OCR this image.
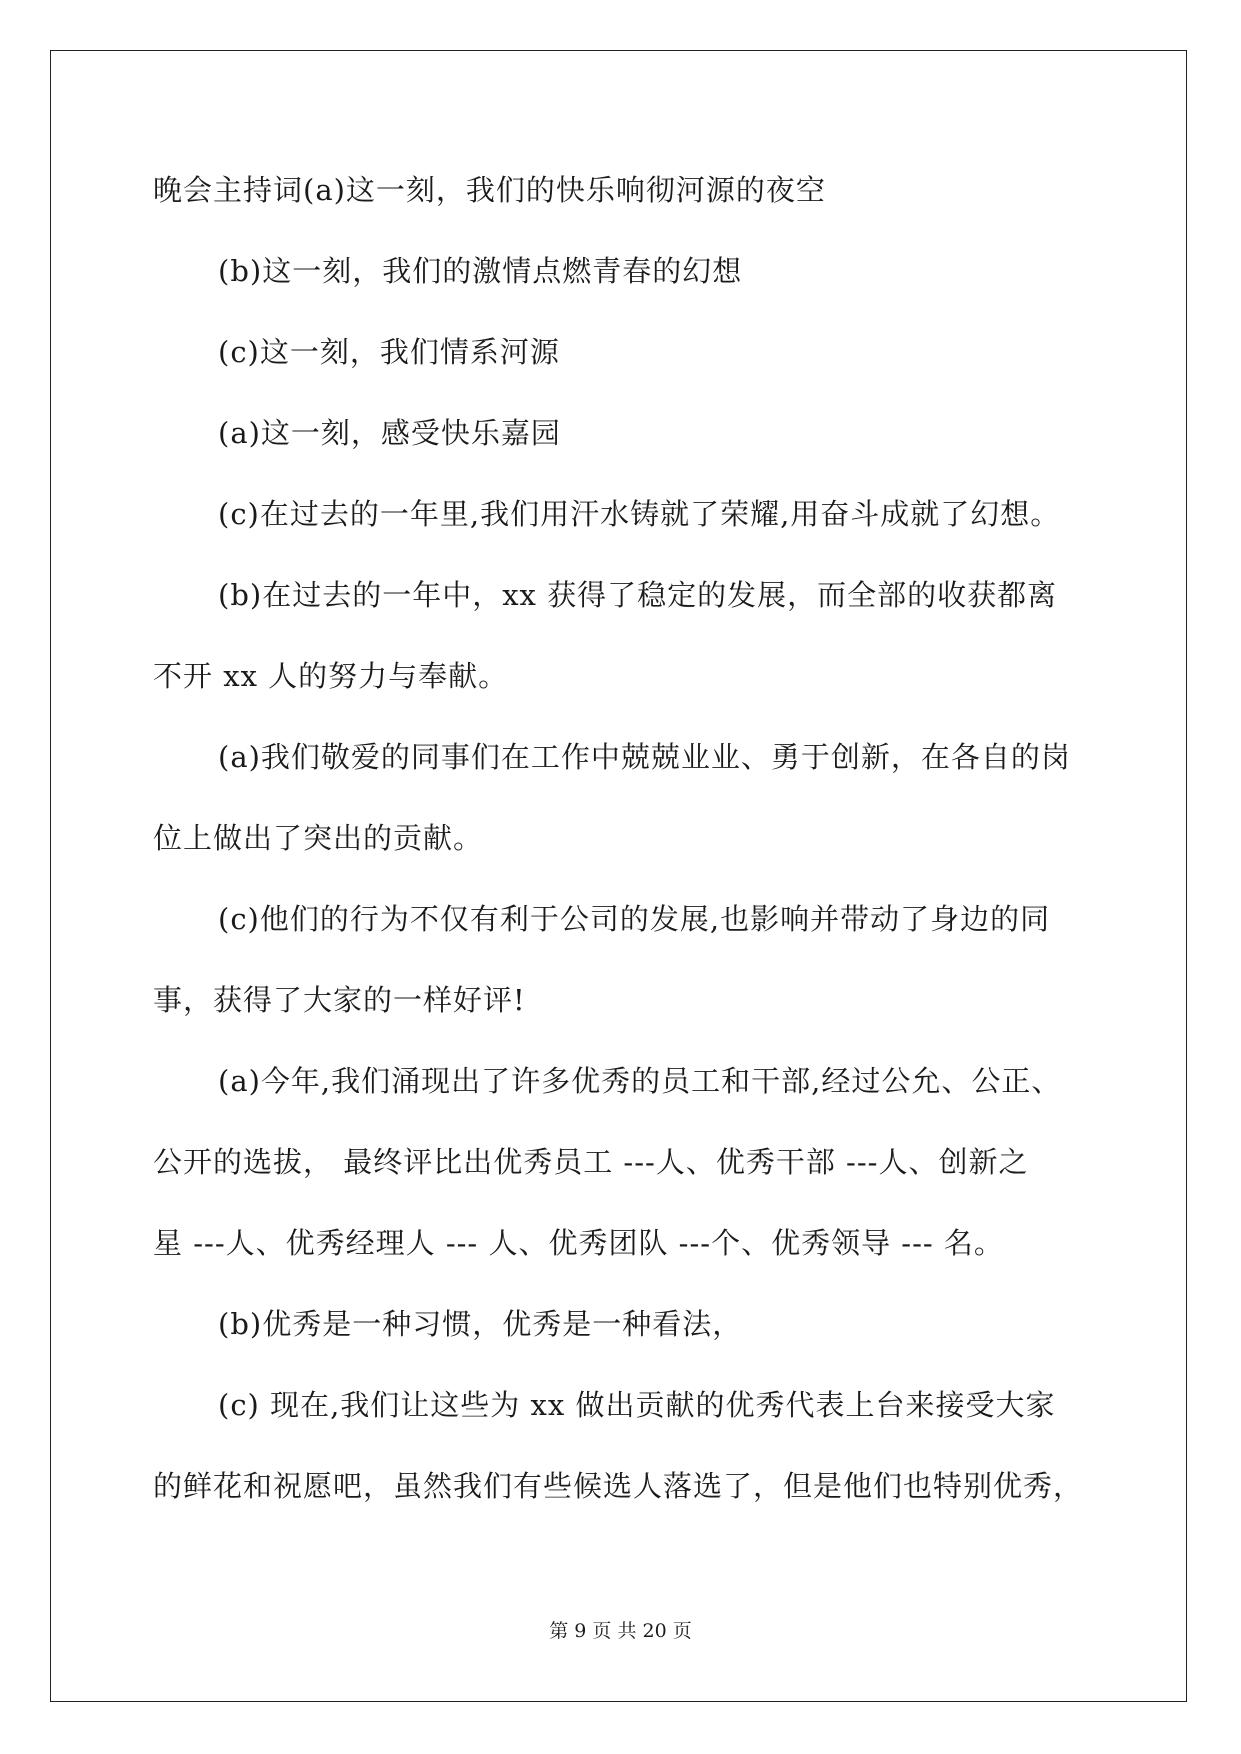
晚会主持词(a)这一刻，我们的快乐响彻河源的夜空
(b)这一刻，我们的激情点燃青春的幻想
(c)这一刻，我们情系河源
(a)这一刻，感受快乐嘉园
(c)在过去的一年里,我们用汗水铸就了荣耀,用奋斗成就了幻想。
(b)在过去的一年中，xx 获得了稳定的发展，而全部的收获都离
不开 xx 人的努力与奉献。
(a)我们敬爱的同事们在工作中兢兢业业、勇于创新，在各自的岗
位上做出了突出的贡献。
(c)他们的行为不仅有利于公司的发展,也影响并带动了身边的同
事，获得了大家的一样好评!
(a)今年,我们涌现出了许多优秀的员工和干部,经过公允、公正、
公开的选拔， 最终评比出优秀员工 ---人、优秀干部 ---人、创新之
星 ---人、优秀经理人 --- 人、优秀团队 ---个、优秀领导 --- 名。
(b)优秀是一种习惯，优秀是一种看法，
(c) 现在,我们让这些为 xx 做出贡献的优秀代表上台来接受大家
的鲜花和祝愿吧，虽然我们有些候选人落选了，但是他们也特别优秀，
第 9 页 共 20 页
